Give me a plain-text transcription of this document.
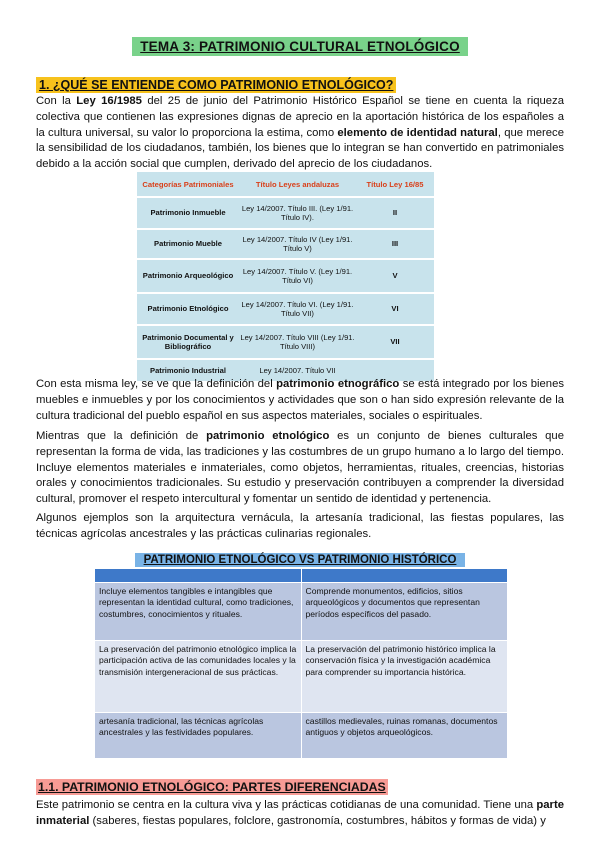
TEMA 3: PATRIMONIO CULTURAL ETNOLÓGICO
1. ¿QUÉ SE ENTIENDE COMO PATRIMONIO ETNOLÓGICO?
Con la Ley 16/1985 del 25 de junio del Patrimonio Histórico Español se tiene en cuenta la riqueza colectiva que contienen las expresiones dignas de aprecio en la aportación histórica de los españoles a la cultura universal, su valor lo proporciona la estima, como elemento de identidad natural, que merece la sensibilidad de los ciudadanos, también, los bienes que lo integran se han convertido en patrimoniales debido a la acción social que cumplen, derivado del aprecio de los ciudadanos.
Categorías Patrimoniales	Título Leyes andaluzas	Título Ley 16/85
Patrimonio Inmueble	Ley 14/2007. Título III. (Ley 1/91. Título IV).	II
Patrimonio Mueble	Ley 14/2007. Título IV (Ley 1/91. Título V)	III
Patrimonio Arqueológico	Ley 14/2007. Título V. (Ley 1/91. Título VI)	V
Patrimonio Etnológico	Ley 14/2007. Título VI. (Ley 1/91. Título VII)	VI
Patrimonio Documental y Bibliográfico	Ley 14/2007. Título VIII (Ley 1/91. Título VIII)	VII
Patrimonio Industrial	Ley 14/2007. Título VII	
Con esta misma ley, se ve que la definición del patrimonio etnográfico se está integrado por los bienes muebles e inmuebles y por los conocimientos y actividades que son o han sido expresión relevante de la cultura tradicional del pueblo español en sus aspectos materiales, sociales o espirituales.
Mientras que la definición de patrimonio etnológico es un conjunto de bienes culturales que representan la forma de vida, las tradiciones y las costumbres de un grupo humano a lo largo del tiempo. Incluye elementos materiales e inmateriales, como objetos, herramientas, rituales, creencias, historias orales y conocimientos tradicionales. Su estudio y preservación contribuyen a comprender la diversidad cultural, promover el respeto intercultural y fomentar un sentido de identidad y pertenencia.
Algunos ejemplos son la arquitectura vernácula, la artesanía tradicional, las fiestas populares, las técnicas agrícolas ancestrales y las prácticas culinarias regionales.
PATRIMONIO ETNOLÓGICO VS PATRIMONIO HISTÓRICO

Incluye elementos tangibles e intangibles que representan la identidad cultural, como tradiciones, costumbres, conocimientos y rituales.	Comprende monumentos, edificios, sitios arqueológicos y documentos que representan períodos específicos del pasado.
La preservación del patrimonio etnológico implica la participación activa de las comunidades locales y la transmisión intergeneracional de sus prácticas.	La preservación del patrimonio histórico implica la conservación física y la investigación académica para comprender su importancia histórica.
artesanía tradicional, las técnicas agrícolas ancestrales y las festividades populares.	castillos medievales, ruinas romanas, documentos antiguos y objetos arqueológicos.
1.1. PATRIMONIO ETNOLÓGICO: PARTES DIFERENCIADAS
Este patrimonio se centra en la cultura viva y las prácticas cotidianas de una comunidad. Tiene una parte inmaterial (saberes, fiestas populares, folclore, gastronomía, costumbres, hábitos y formas de vida) y
